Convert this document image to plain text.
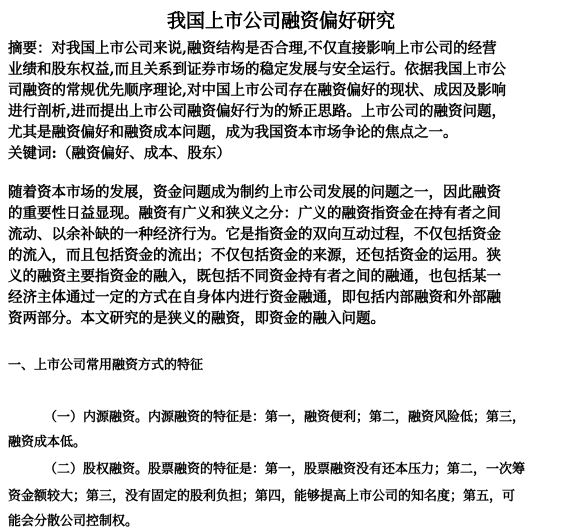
我国上市公司融资偏好研究
摘要：对我国上市公司来说,融资结构是否合理,不仅直接影响上市公司的经营
业绩和股东权益,而且关系到证券市场的稳定发展与安全运行。依据我国上市公
司融资的常规优先顺序理论,对中国上市公司存在融资偏好的现状、成因及影响
进行剖析,进而提出上市公司融资偏好行为的矫正思路。上市公司的融资问题，
尤其是融资偏好和融资成本问题，成为我国资本市场争论的焦点之一。
关键词:（融资偏好、成本、股东）
随着资本市场的发展，资金问题成为制约上市公司发展的问题之一，因此融资
的重要性日益显现。融资有广义和狭义之分：广义的融资指资金在持有者之间
流动、以余补缺的一种经济行为。它是指资金的双向互动过程，不仅包括资金
的流入，而且包括资金的流出；不仅包括资金的来源，还包括资金的运用。狭
义的融资主要指资金的融入，既包括不同资金持有者之间的融通，也包括某一
经济主体通过一定的方式在自身体内进行资金融通，即包括内部融资和外部融
资两部分。本文研究的是狭义的融资，即资金的融入问题。
一、上市公司常用融资方式的特征
（一）内源融资。内源融资的特征是：第一，融资便利；第二，融资风险低；第三，
融资成本低。
（二）股权融资。股票融资的特征是：第一，股票融资没有还本压力；第二，一次筹
资金额较大；第三，没有固定的股利负担；第四，能够提高上市公司的知名度；第五，可
能会分散公司控制权。
